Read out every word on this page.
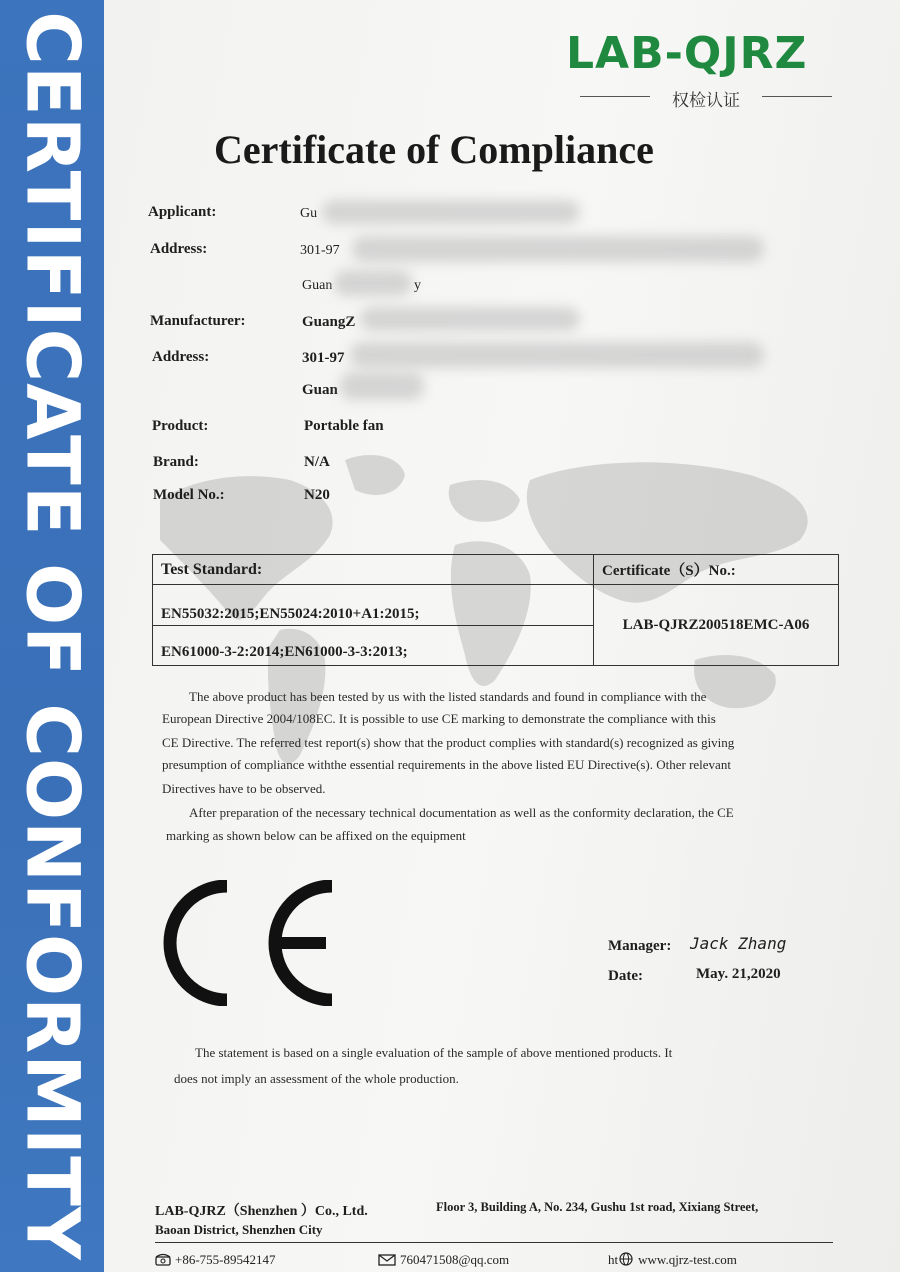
CERTIFICATE OF CONFORMITY	LAB-QJRZ
权检认证
Certificate of Compliance
Applicant:	Gu
Address:	301-97
Guan	y
Manufacturer:	GuangZ
Address:	301-97
Guan
Product:	Portable fan
Brand:	N/A
Model No.:	N20
Test Standard:	Certificate（S）No.:
EN55032:2015;EN55024:2010+A1:2015;	LAB-QJRZ200518EMC-A06
EN61000-3-2:2014;EN61000-3-3:2013;	
The above product has been tested by us with the listed standards and found in compliance with the
European Directive 2004/108EC. It is possible to use CE marking to demonstrate the compliance with this
CE Directive. The referred test report(s) show that the product complies with standard(s) recognized as giving
presumption of compliance withthe essential requirements in the above listed EU Directive(s). Other relevant
Directives have to be observed.
After preparation of the necessary technical documentation as well as the conformity declaration, the CE
marking as shown below can be affixed on the equipment
Manager: Jack Zhang
Date:	May. 21,2020
The statement is based on a single evaluation of the sample of above mentioned products. It
does not imply an assessment of the whole production.
LAB-QJRZ（Shenzhen ）Co., Ltd.	Floor 3, Building A, No. 234, Gushu 1st road, Xixiang Street,
Baoan District, Shenzhen City
+86-755-89542147	760471508@qq.com	ht www.qjrz-test.com
